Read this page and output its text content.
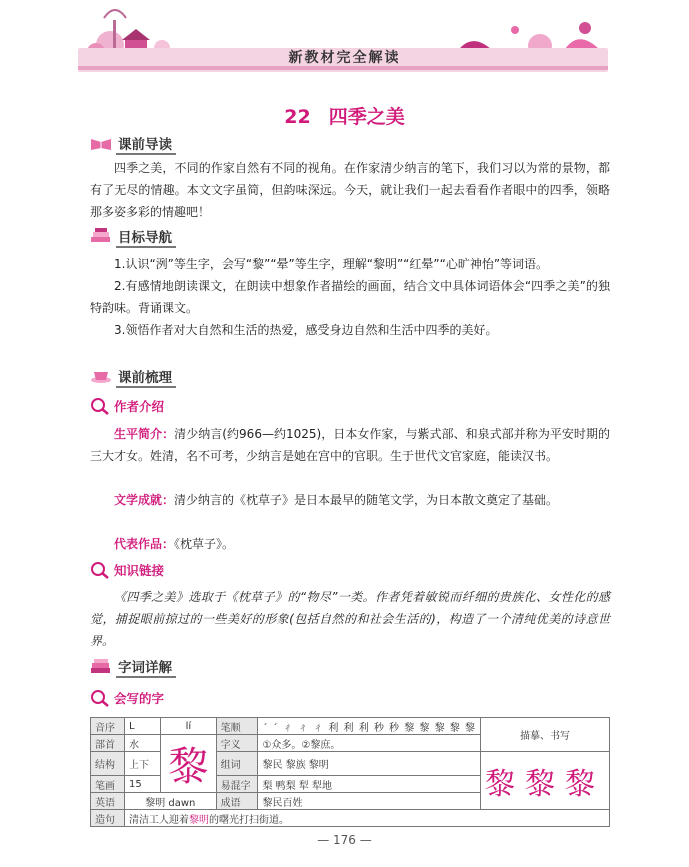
新教材完全解读
22 四季之美
课前导读
四季之美，不同的作家自然有不同的视角。在作家清少纳言的笔下，我们习以为常的景物，都有了无尽的情趣。本文文字虽简，但韵味深远。今天，就让我们一起去看看作者眼中的四季，领略那多姿多彩的情趣吧！
目标导航
1.认识“洌”等生字，会写“黎”“晕”等生字，理解“黎明”“红晕”“心旷神怡”等词语。
2.有感情地朗读课文，在朗读中想象作者描绘的画面，结合文中具体词语体会“四季之美”的独特韵味。背诵课文。
3.领悟作者对大自然和生活的热爱，感受身边自然和生活中四季的美好。
课前梳理
作者介绍
生平简介：清少纳言(约966—约1025)，日本女作家，与紫式部、和泉式部并称为平安时期的三大才女。姓清，名不可考，少纳言是她在宫中的官职。生于世代文官家庭，能读汉书。
文学成就：清少纳言的《枕草子》是日本最早的随笔文学，为日本散文奠定了基础。
代表作品：《枕草子》。
知识链接
《四季之美》选取于《枕草子》的“物尽”一类。作者凭着敏锐而纤细的贵族化、女性化的感觉，捕捉眼前掠过的一些美好的形象(包括自然的和社会生活的)，构造了一个清纯优美的诗意世界。
字词详解
会写的字
音序	L	lí	笔顺	ˊ ˊ ㄔ ㄔ ㄔ 利 利 利 秒 秒 黎 黎 黎 黎 黎	描摹、书写
部首	水	黎	字义	①众多。②黎庶。	
结构	上下		组词	黎民 黎族 黎明	黎黎黎
笔画	15		易混字	梨 鸭梨 犁 犁地	
英语	黎明 dawn		成语	黎民百姓	
造句	清洁工人迎着黎明的曙光打扫街道。				
— 176 —
